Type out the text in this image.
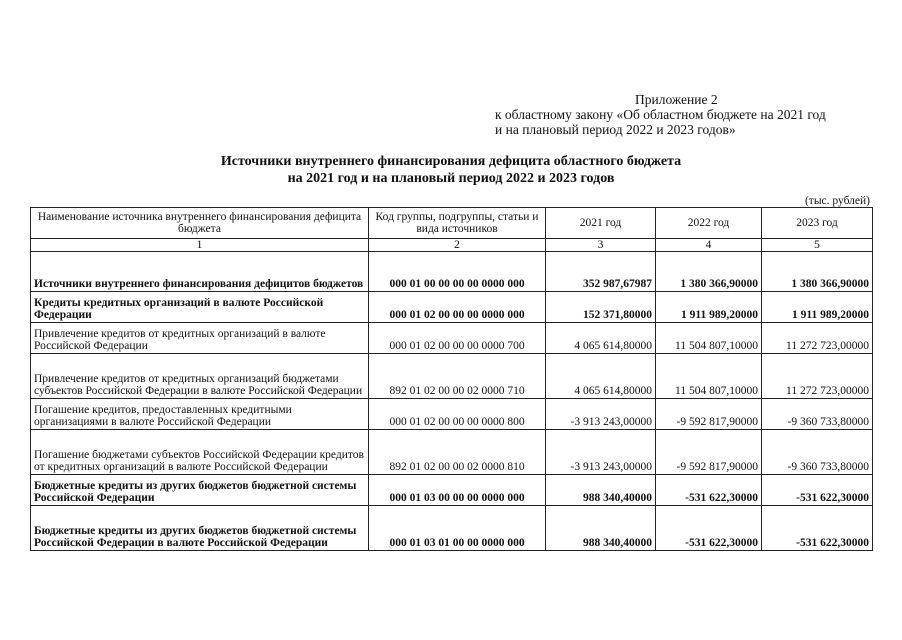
Приложение 2
к областному закону «Об областном бюджете на 2021 год
и на плановый период 2022 и 2023 годов»
Источники внутреннего финансирования дефицита областного бюджета
на 2021 год и на плановый период 2022 и 2023 годов
(тыс. рублей)
Наименование источника внутреннего финансирования дефицита бюджета	Код группы, подгруппы, статьи и вида источников	2021 год	2022 год	2023 год
1	2	3	4	5
Источники внутреннего финансирования дефицитов бюджетов	000 01 00 00 00 00 0000 000	352 987,67987	1 380 366,90000	1 380 366,90000
Кредиты кредитных организаций в валюте Российской Федерации	000 01 02 00 00 00 0000 000	152 371,80000	1 911 989,20000	1 911 989,20000
Привлечение кредитов от кредитных организаций в валюте Российской Федерации	000 01 02 00 00 00 0000 700	4 065 614,80000	11 504 807,10000	11 272 723,00000
Привлечение кредитов от кредитных организаций бюджетами субъектов Российской Федерации в валюте Российской Федерации	892 01 02 00 00 02 0000 710	4 065 614,80000	11 504 807,10000	11 272 723,00000
Погашение кредитов, предоставленных кредитными организациями в валюте Российской Федерации	000 01 02 00 00 00 0000 800	-3 913 243,00000	-9 592 817,90000	-9 360 733,80000
Погашение бюджетами субъектов Российской Федерации кредитов от кредитных организаций в валюте Российской Федерации	892 01 02 00 00 02 0000 810	-3 913 243,00000	-9 592 817,90000	-9 360 733,80000
Бюджетные кредиты из других бюджетов бюджетной системы Российской Федерации	000 01 03 00 00 00 0000 000	988 340,40000	-531 622,30000	-531 622,30000
Бюджетные кредиты из других бюджетов бюджетной системы Российской Федерации в валюте Российской Федерации	000 01 03 01 00 00 0000 000	988 340,40000	-531 622,30000	-531 622,30000
